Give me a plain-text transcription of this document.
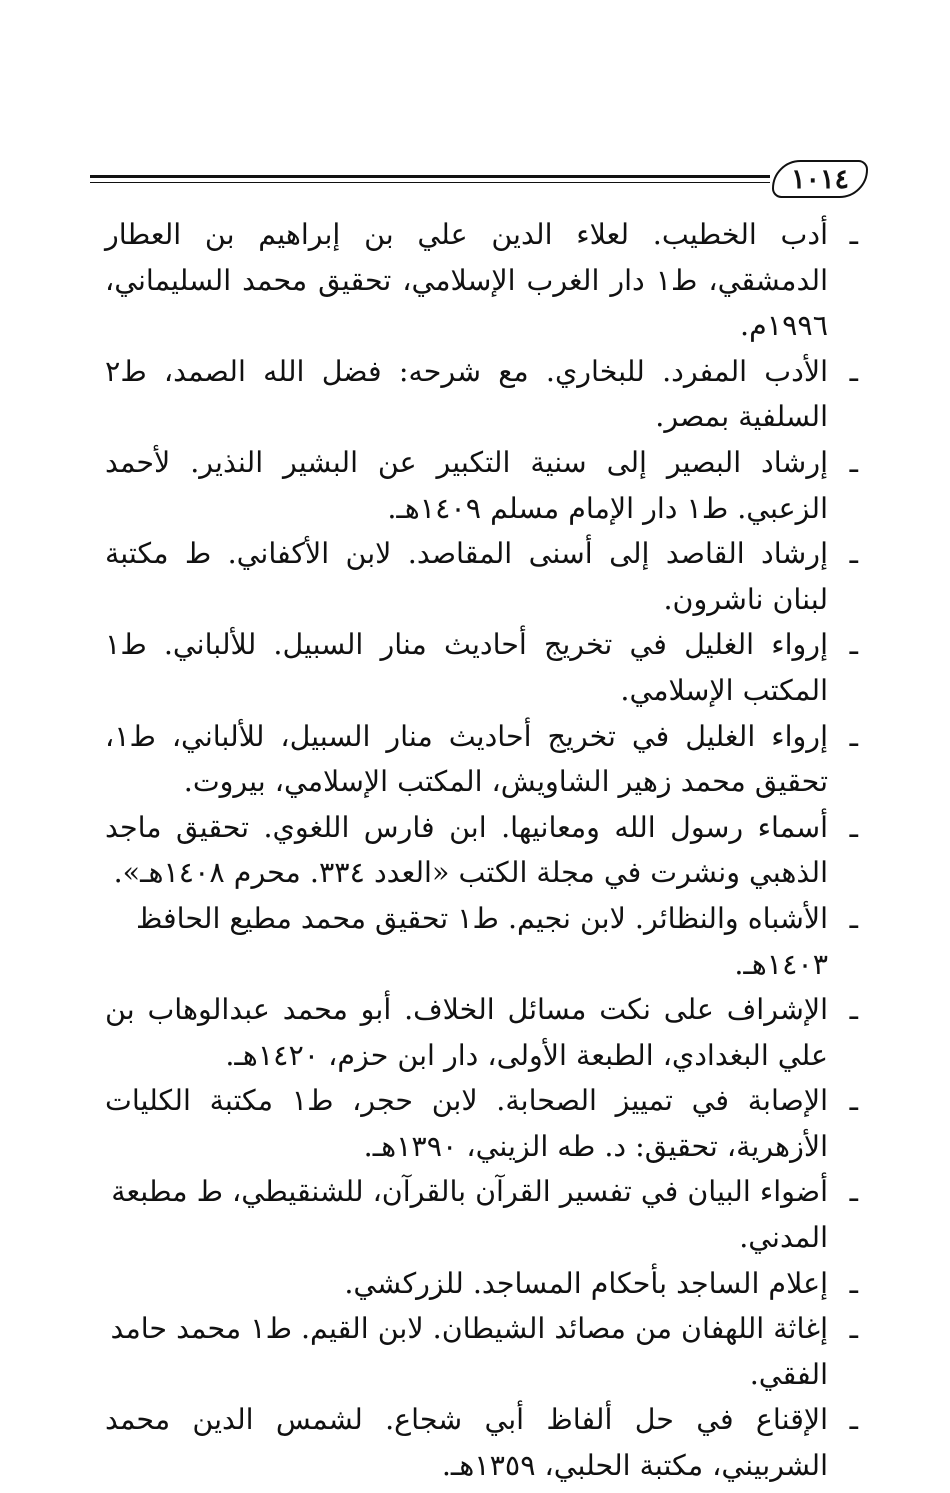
١٠١٤
ـ
أدب الخطيب. لعلاء الدين علي بن إبراهيم بن العطار الدمشقي، ط١ دار الغرب الإسلامي، تحقيق محمد السليماني، ١٩٩٦م.
ـ
الأدب المفرد. للبخاري. مع شرحه: فضل الله الصمد، ط٢ السلفية بمصر.
ـ
إرشاد البصير إلى سنية التكبير عن البشير النذير. لأحمد الزعبي. ط١ دار الإمام مسلم ١٤٠٩هـ.
ـ
إرشاد القاصد إلى أسنى المقاصد. لابن الأكفاني. ط مكتبة لبنان ناشرون.
ـ
إرواء الغليل في تخريج أحاديث منار السبيل. للألباني. ط١ المكتب الإسلامي.
ـ
إرواء الغليل في تخريج أحاديث منار السبيل، للألباني، ط١، تحقيق محمد زهير الشاويش، المكتب الإسلامي، بيروت.
ـ
أسماء رسول الله ومعانيها. ابن فارس اللغوي. تحقيق ماجد الذهبي ونشرت في مجلة الكتب «العدد ٣٣٤. محرم ١٤٠٨هـ».
ـ
الأشباه والنظائر. لابن نجيم. ط١ تحقيق محمد مطيع الحافظ ١٤٠٣هـ.
ـ
الإشراف على نكت مسائل الخلاف. أبو محمد عبدالوهاب بن علي البغدادي، الطبعة الأولى، دار ابن حزم، ١٤٢٠هـ.
ـ
الإصابة في تمييز الصحابة. لابن حجر، ط١ مكتبة الكليات الأزهرية، تحقيق: د. طه الزيني، ١٣٩٠هـ.
ـ
أضواء البيان في تفسير القرآن بالقرآن، للشنقيطي، ط مطبعة المدني.
ـ
إعلام الساجد بأحكام المساجد. للزركشي.
ـ
إغاثة اللهفان من مصائد الشيطان. لابن القيم. ط١ محمد حامد الفقي.
ـ
الإقناع في حل ألفاظ أبي شجاع. لشمس الدين محمد الشربيني، مكتبة الحلبي، ١٣٥٩هـ.
